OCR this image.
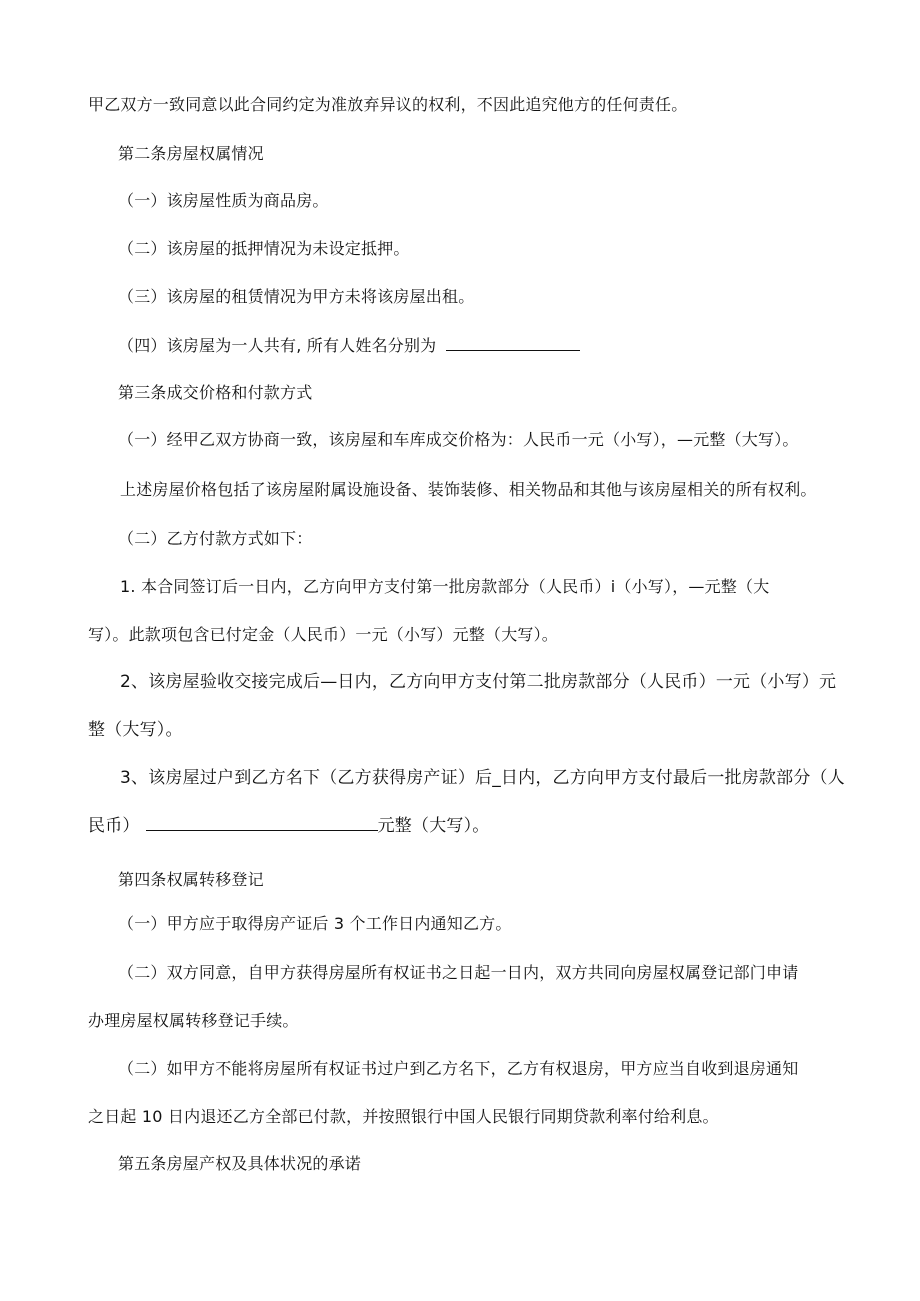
甲乙双方一致同意以此合同约定为准放弃异议的权利，不因此追究他方的任何责任。
第二条房屋权属情况
（一）该房屋性质为商品房。
（二）该房屋的抵押情况为未设定抵押。
（三）该房屋的租赁情况为甲方未将该房屋出租。
（四）该房屋为一人共有, 所有人姓名分别为
第三条成交价格和付款方式
（一）经甲乙双方协商一致，该房屋和车库成交价格为：人民币一元（小写），—元整（大写）。
上述房屋价格包括了该房屋附属设施设备、装饰装修、相关物品和其他与该房屋相关的所有权利。
（二）乙方付款方式如下：
1. 本合同签订后一日内，乙方向甲方支付第一批房款部分（人民币）i（小写），—元整（大
写）。此款项包含已付定金（人民币）一元（小写）元整（大写）。
2、该房屋验收交接完成后—日内，乙方向甲方支付第二批房款部分（人民币）一元（小写）元
整（大写）。
3、该房屋过户到乙方名下（乙方获得房产证）后_日内，乙方向甲方支付最后一批房款部分（人
民币）	元整（大写）。
第四条权属转移登记
（一）甲方应于取得房产证后 3 个工作日内通知乙方。
（二）双方同意，自甲方获得房屋所有权证书之日起一日内，双方共同向房屋权属登记部门申请
办理房屋权属转移登记手续。
（二）如甲方不能将房屋所有权证书过户到乙方名下，乙方有权退房，甲方应当自收到退房通知
之日起 10 日内退还乙方全部已付款，并按照银行中国人民银行同期贷款利率付给利息。
第五条房屋产权及具体状况的承诺
